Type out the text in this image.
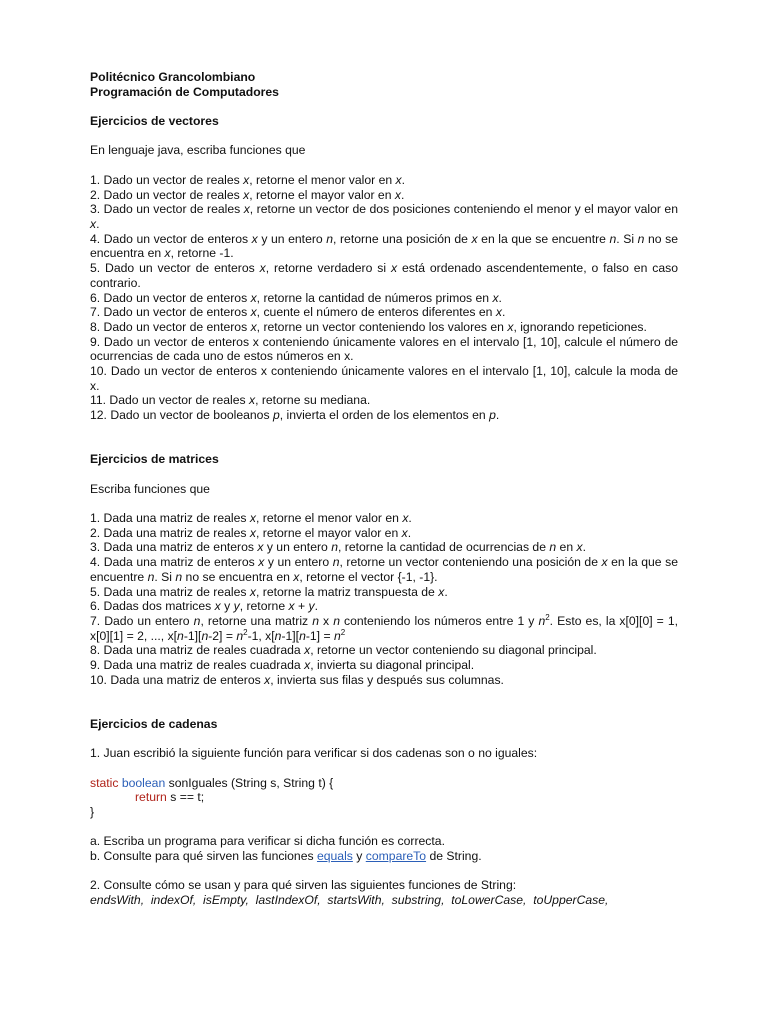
Politécnico Grancolombiano
Programación de Computadores
Ejercicios de vectores
En lenguaje java, escriba funciones que
1. Dado un vector de reales x, retorne el menor valor en x.
2. Dado un vector de reales x, retorne el mayor valor en x.
3. Dado un vector de reales x, retorne un vector de dos posiciones conteniendo el menor y el mayor valor en x.
4. Dado un vector de enteros x y un entero n, retorne una posición de x en la que se encuentre n. Si n no se encuentra en x, retorne -1.
5. Dado un vector de enteros x, retorne verdadero si x está ordenado ascendentemente, o falso en caso contrario.
6. Dado un vector de enteros x, retorne la cantidad de números primos en x.
7. Dado un vector de enteros x, cuente el número de enteros diferentes en x.
8. Dado un vector de enteros x, retorne un vector conteniendo los valores en x, ignorando repeticiones.
9. Dado un vector de enteros x conteniendo únicamente valores en el intervalo [1, 10], calcule el número de ocurrencias de cada uno de estos números en x.
10. Dado un vector de enteros x conteniendo únicamente valores en el intervalo [1, 10], calcule la moda de x.
11. Dado un vector de reales x, retorne su mediana.
12. Dado un vector de booleanos p, invierta el orden de los elementos en p.
Ejercicios de matrices
Escriba funciones que
1. Dada una matriz de reales x, retorne el menor valor en x.
2. Dada una matriz de reales x, retorne el mayor valor en x.
3. Dada una matriz de enteros x y un entero n, retorne la cantidad de ocurrencias de n en x.
4. Dada una matriz de enteros x y un entero n, retorne un vector conteniendo una posición de x en la que se encuentre n. Si n no se encuentra en x, retorne el vector {-1, -1}.
5. Dada una matriz de reales x, retorne la matriz transpuesta de x.
6. Dadas dos matrices x y y, retorne x + y.
7. Dado un entero n, retorne una matriz n x n conteniendo los números entre 1 y $n^2$. Esto es, la x[0][0] = 1, x[0][1] = 2, ..., $x[n-1][n-2] = n^2-1$, $x[n-1][n-1] = n^2$
8. Dada una matriz de reales cuadrada x, retorne un vector conteniendo su diagonal principal.
9. Dada una matriz de reales cuadrada x, invierta su diagonal principal.
10. Dada una matriz de enteros x, invierta sus filas y después sus columnas.
Ejercicios de cadenas
1. Juan escribió la siguiente función para verificar si dos cadenas son o no iguales:
static boolean sonIguales (String s, String t) {
return s == t;
}
a. Escriba un programa para verificar si dicha función es correcta.
b. Consulte para qué sirven las funciones equals y compareTo de String.
2. Consulte cómo se usan y para qué sirven las siguientes funciones de String:
endsWith,  indexOf,  isEmpty,  lastIndexOf,  startsWith,  substring,  toLowerCase,  toUpperCase,
